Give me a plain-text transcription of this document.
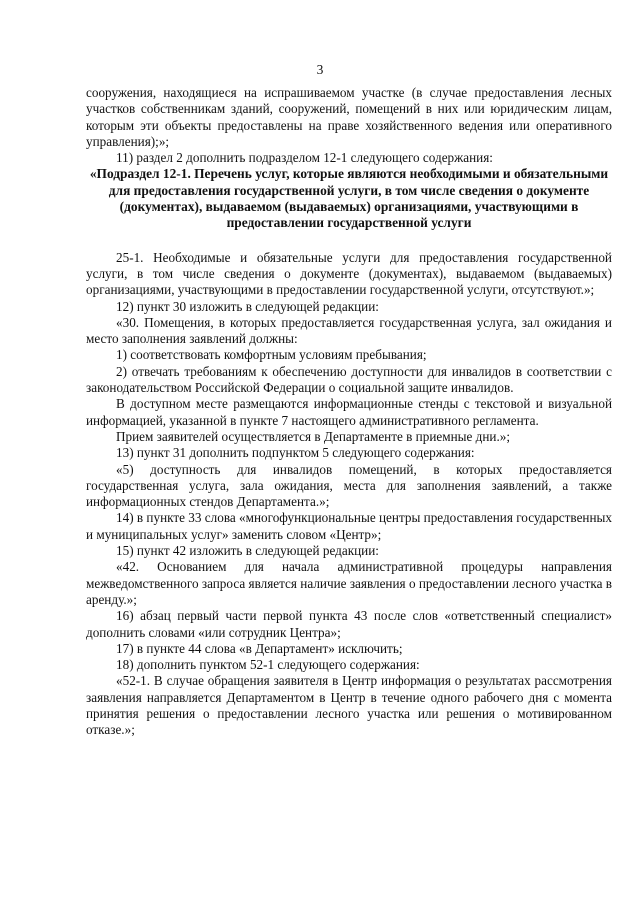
3

сооружения, находящиеся на испрашиваемом участке (в случае предоставления лесных участков собственникам зданий, сооружений, помещений в них или юридическим лицам, которым эти объекты предоставлены на праве хозяйственного ведения или оперативного управления);»;

11) раздел 2 дополнить подразделом 12-1 следующего содержания:

«Подраздел 12-1. Перечень услуг, которые являются необходимыми и обязательными для предоставления государственной услуги, в том числе сведения о документе (документах), выдаваемом (выдаваемых) организациями, участвующими в предоставлении государственной услуги

25-1. Необходимые и обязательные услуги для предоставления государственной услуги, в том числе сведения о документе (документах), выдаваемом (выдаваемых) организациями, участвующими в предоставлении государственной услуги, отсутствуют.»;

12) пункт 30 изложить в следующей редакции:

«30. Помещения, в которых предоставляется государственная услуга, зал ожидания и место заполнения заявлений должны:

1) соответствовать комфортным условиям пребывания;

2) отвечать требованиям к обеспечению доступности для инвалидов в соответствии с законодательством Российской Федерации о социальной защите инвалидов.

В доступном месте размещаются информационные стенды с текстовой и визуальной информацией, указанной в пункте 7 настоящего административного регламента.

Прием заявителей осуществляется в Департаменте в приемные дни.»;

13) пункт 31 дополнить подпунктом 5 следующего содержания:

«5) доступность для инвалидов помещений, в которых предоставляется государственная услуга, зала ожидания, места для заполнения заявлений, а также информационных стендов Департамента.»;

14) в пункте 33 слова «многофункциональные центры предоставления государственных и муниципальных услуг» заменить словом «Центр»;

15) пункт 42 изложить в следующей редакции:

«42. Основанием для начала административной процедуры направления межведомственного запроса является наличие заявления о предоставлении лесного участка в аренду.»;

16) абзац первый части первой пункта 43 после слов «ответственный специалист» дополнить словами «или сотрудник Центра»;

17) в пункте 44 слова «в Департамент» исключить;

18) дополнить пунктом 52-1 следующего содержания:

«52-1. В случае обращения заявителя в Центр информация о результатах рассмотрения заявления направляется Департаментом в Центр в течение одного рабочего дня с момента принятия решения о предоставлении лесного участка или решения о мотивированном отказе.»;
